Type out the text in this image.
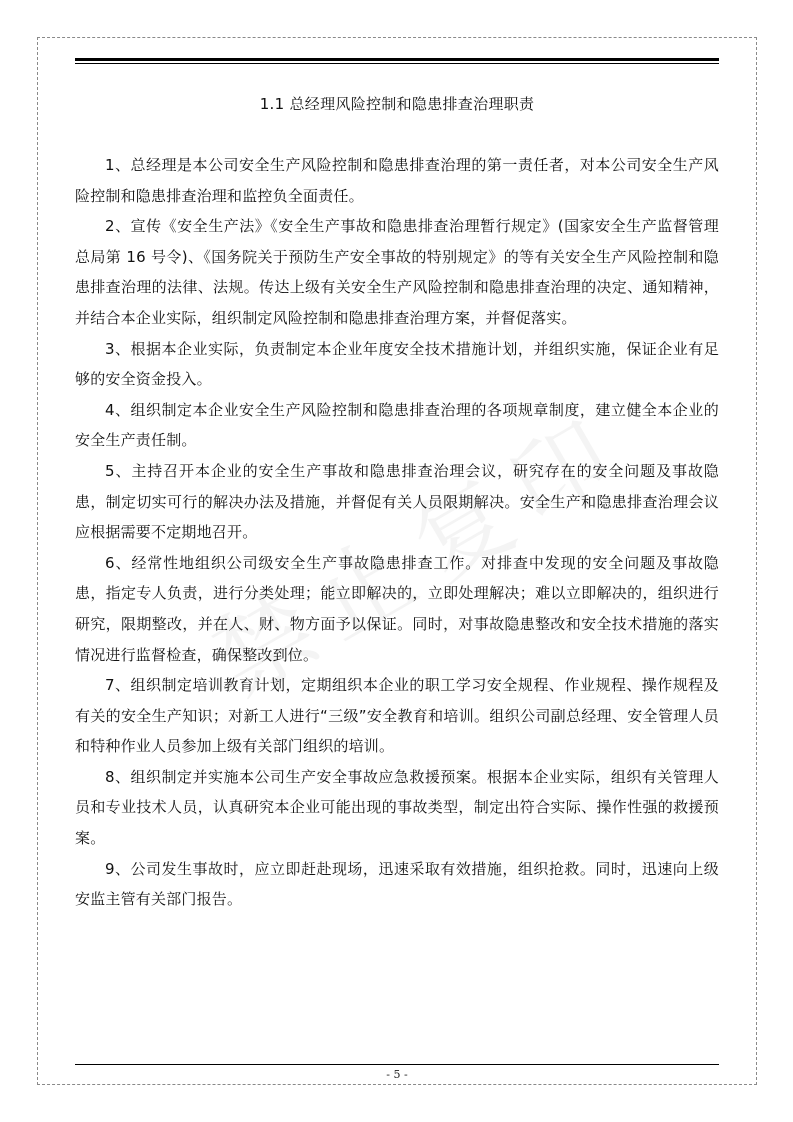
1.1 总经理风险控制和隐患排查治理职责

1、总经理是本公司安全生产风险控制和隐患排查治理的第一责任者，对本公司安全生产风险控制和隐患排查治理和监控负全面责任。

2、宣传《安全生产法》《安全生产事故和隐患排查治理暂行规定》(国家安全生产监督管理总局第 16 号令)、《国务院关于预防生产安全事故的特别规定》的等有关安全生产风险控制和隐患排查治理的法律、法规。传达上级有关安全生产风险控制和隐患排查治理的决定、通知精神，并结合本企业实际，组织制定风险控制和隐患排查治理方案，并督促落实。

3、根据本企业实际，负责制定本企业年度安全技术措施计划，并组织实施，保证企业有足够的安全资金投入。

4、组织制定本企业安全生产风险控制和隐患排查治理的各项规章制度，建立健全本企业的安全生产责任制。

5、主持召开本企业的安全生产事故和隐患排查治理会议，研究存在的安全问题及事故隐患，制定切实可行的解决办法及措施，并督促有关人员限期解决。安全生产和隐患排查治理会议应根据需要不定期地召开。

6、经常性地组织公司级安全生产事故隐患排查工作。对排查中发现的安全问题及事故隐患，指定专人负责，进行分类处理；能立即解决的，立即处理解决；难以立即解决的，组织进行研究，限期整改，并在人、财、物方面予以保证。同时，对事故隐患整改和安全技术措施的落实情况进行监督检查，确保整改到位。

7、组织制定培训教育计划，定期组织本企业的职工学习安全规程、作业规程、操作规程及有关的安全生产知识；对新工人进行“三级”安全教育和培训。组织公司副总经理、安全管理人员和特种作业人员参加上级有关部门组织的培训。

8、组织制定并实施本公司生产安全事故应急救援预案。根据本企业实际，组织有关管理人员和专业技术人员，认真研究本企业可能出现的事故类型，制定出符合实际、操作性强的救援预案。

9、公司发生事故时，应立即赶赴现场，迅速采取有效措施，组织抢救。同时，迅速向上级安监主管有关部门报告。

- 5 -
